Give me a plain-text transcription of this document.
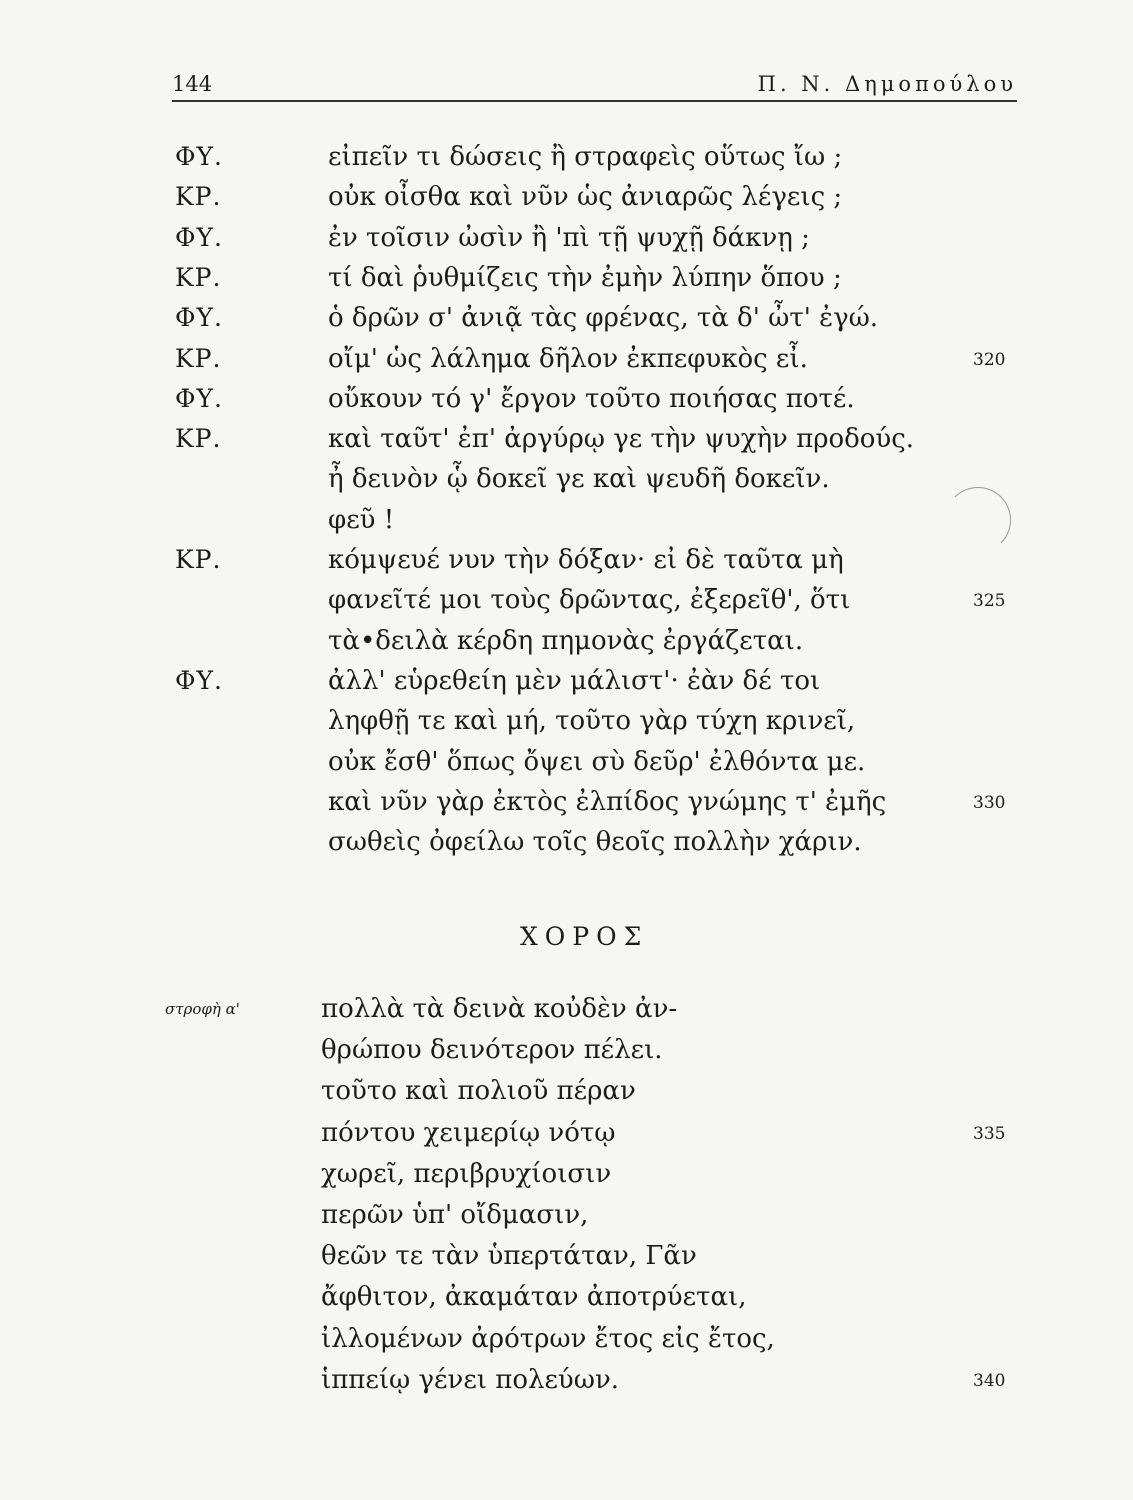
144	Π. Ν. Δημοπούλου
ΦΥ.	εἰπεῖν τι δώσεις ἢ στραφεὶς οὕτως ἴω ;
ΚΡ.	οὐκ οἶσθα καὶ νῦν ὡς ἀνιαρῶς λέγεις ;
ΦΥ.	ἐν τοῖσιν ὠσὶν ἢ 'πὶ τῇ ψυχῇ δάκνῃ ;
ΚΡ.	τί δαὶ ῥυθμίζεις τὴν ἐμὴν λύπην ὅπου ;
ΦΥ.	ὁ δρῶν σ' ἀνιᾷ τὰς φρένας, τὰ δ' ὦτ' ἐγώ.
ΚΡ.	οἴμ' ὡς λάλημα δῆλον ἐκπεφυκὸς εἶ.	320
ΦΥ.	οὔκουν τό γ' ἔργον τοῦτο ποιήσας ποτέ.
ΚΡ.	καὶ ταῦτ' ἐπ' ἀργύρῳ γε τὴν ψυχὴν προδούς.
ἦ δεινὸν ᾧ δοκεῖ γε καὶ ψευδῆ δοκεῖν.
φεῦ !
ΚΡ.	κόμψευέ νυν τὴν δόξαν· εἰ δὲ ταῦτα μὴ
φανεῖτέ μοι τοὺς δρῶντας, ἐξερεῖθ', ὅτι	325
τὰ•δειλὰ κέρδη πημονὰς ἐργάζεται.
ΦΥ.	ἀλλ' εὑρεθείη μὲν μάλιστ'· ἐὰν δέ τοι
ληφθῇ τε καὶ μή, τοῦτο γὰρ τύχη κρινεῖ,
οὐκ ἔσθ' ὅπως ὄψει σὺ δεῦρ' ἐλθόντα με.
καὶ νῦν γὰρ ἐκτὸς ἐλπίδος γνώμης τ' ἐμῆς	330
σωθεὶς ὀφείλω τοῖς θεοῖς πολλὴν χάριν.
ΧΟΡΟΣ
στροφὴ α'	πολλὰ τὰ δεινὰ κοὐδὲν ἀν-
θρώπου δεινότερον πέλει.
τοῦτο καὶ πολιοῦ πέραν
πόντου χειμερίῳ νότῳ	335
χωρεῖ, περιβρυχίοισιν
περῶν ὑπ' οἴδμασιν,
θεῶν τε τὰν ὑπερτάταν, Γᾶν
ἄφθιτον, ἀκαμάταν ἀποτρύεται,
ἰλλομένων ἀρότρων ἔτος εἰς ἔτος,
ἱππείῳ γένει πολεύων.	340
